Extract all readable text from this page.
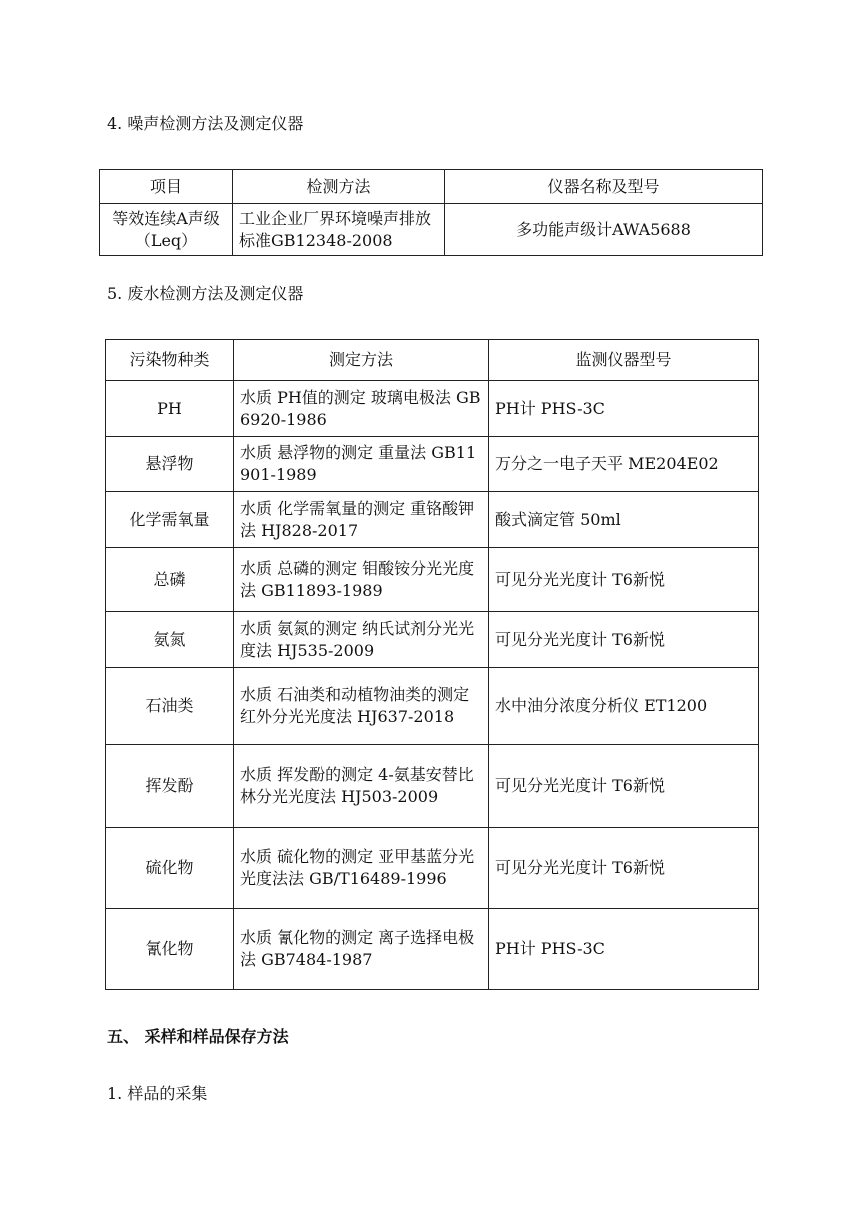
4. 噪声检测方法及测定仪器
项目	检测方法	仪器名称及型号
等效连续A声级（Leq）	工业企业厂界环境噪声排放标准GB12348-2008	多功能声级计AWA5688
5. 废水检测方法及测定仪器
污染物种类	测定方法	监测仪器型号
PH	水质 PH值的测定 玻璃电极法 GB6920-1986	PH计 PHS-3C
悬浮物	水质 悬浮物的测定 重量法 GB11901-1989	万分之一电子天平 ME204E02
化学需氧量	水质 化学需氧量的测定 重铬酸钾法 HJ828-2017	酸式滴定管 50ml
总磷	水质 总磷的测定 钼酸铵分光光度法 GB11893-1989	可见分光光度计 T6新悦
氨氮	水质 氨氮的测定 纳氏试剂分光光度法 HJ535-2009	可见分光光度计 T6新悦
石油类	水质 石油类和动植物油类的测定 红外分光光度法 HJ637-2018	水中油分浓度分析仪 ET1200
挥发酚	水质 挥发酚的测定 4-氨基安替比林分光光度法 HJ503-2009	可见分光光度计 T6新悦
硫化物	水质 硫化物的测定 亚甲基蓝分光光度法法 GB/T16489-1996	可见分光光度计 T6新悦
氰化物	水质 氰化物的测定 离子选择电极法 GB7484-1987	PH计 PHS-3C
五、 采样和样品保存方法
1. 样品的采集
